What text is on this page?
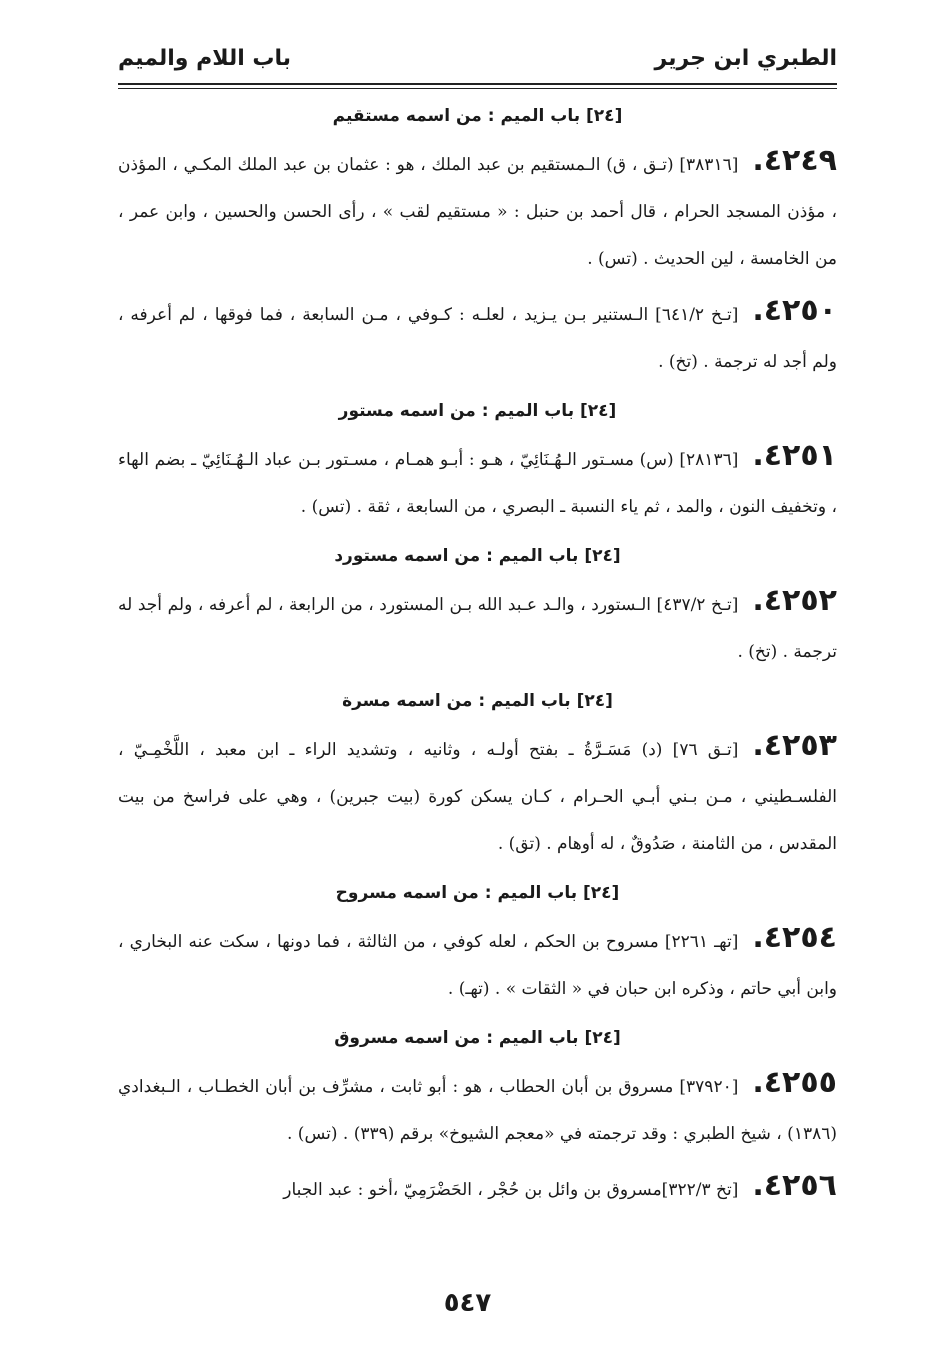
الطبري ابن جرير
باب اللام والميم
[٢٤] باب الميم : من اسمه مستقيم
٤٢٤٩.[٣٨٣١٦] (تـق ، ق) الـمستقيم بن عبد الملك ، هو : عثمان بن عبد الملك المكـي ، المؤذن ، مؤذن المسجد الحرام ، قال أحمد بن حنبل : « مستقيم لقب » ، رأى الحسن والحسين ، وابن عمر ، من الخامسة ، لين الحديث . (تس) .
٤٢٥٠.[تـخ ٦٤١/٢] الـستنير بـن يـزيد ، لعلـه : كـوفي ، مـن السابعة ، فما فوقها ، لم أعرفه ، ولم أجد له ترجمة . (تخ) .
[٢٤] باب الميم : من اسمه مستور
٤٢٥١.[٢٨١٣٦] (س) مسـتور الـهُـنَائِيّ ، هـو : أبـو همـام ، مسـتور بـن عباد الـهُـنَائِيّ ـ بضم الهاء ، وتخفيف النون ، والمد ، ثم ياء النسبة ـ البصري ، من السابعة ، ثقة . (تس) .
[٢٤] باب الميم : من اسمه مستورد
٤٢٥٢.[تـخ ٤٣٧/٢] الـستورد ، والـد عـبد الله بـن المستورد ، من الرابعة ، لم أعرفه ، ولم أجد له ترجمة . (تخ) .
[٢٤] باب الميم : من اسمه مسرة
٤٢٥٣.[تـق ٧٦] (د) مَسَـرَّةُ ـ بفتح أولـه ، وثانيه ، وتشديد الراء ـ ابن معبد ، اللَّخْمِـيّ ، الفلسـطيني ، مـن بـني أبـي الحـرام ، كـان يسكن كورة (بيت جبرين) ، وهي على فراسخ من بيت المقدس ، من الثامنة ، صَدُوقٌ ، له أوهام . (تق) .
[٢٤] باب الميم : من اسمه مسروح
٤٢٥٤.[تهـ ٢٢٦١] مسروح بن الحكم ، لعله كوفي ، من الثالثة ، فما دونها ، سكت عنه البخاري ، وابن أبي حاتم ، وذكره ابن حبان في « الثقات » . (تهـ) .
[٢٤] باب الميم : من اسمه مسروق
٤٢٥٥.[٣٧٩٢٠] مسروق بن أبان الحطاب ، هو : أبو ثابت ، مشرِّف بن أبان الخطـاب ، الـبغدادي (١٣٨٦) ، شيخ الطبري : وقد ترجمته في «معجم الشيوخ» برقم (٣٣٩) . (تس) .
٤٢٥٦.[تخ ٣٢٢/٣]مسروق بن وائل بن حُجْر ، الحَضْرَمِيّ ،أخو : عبد الجبار
٥٤٧
